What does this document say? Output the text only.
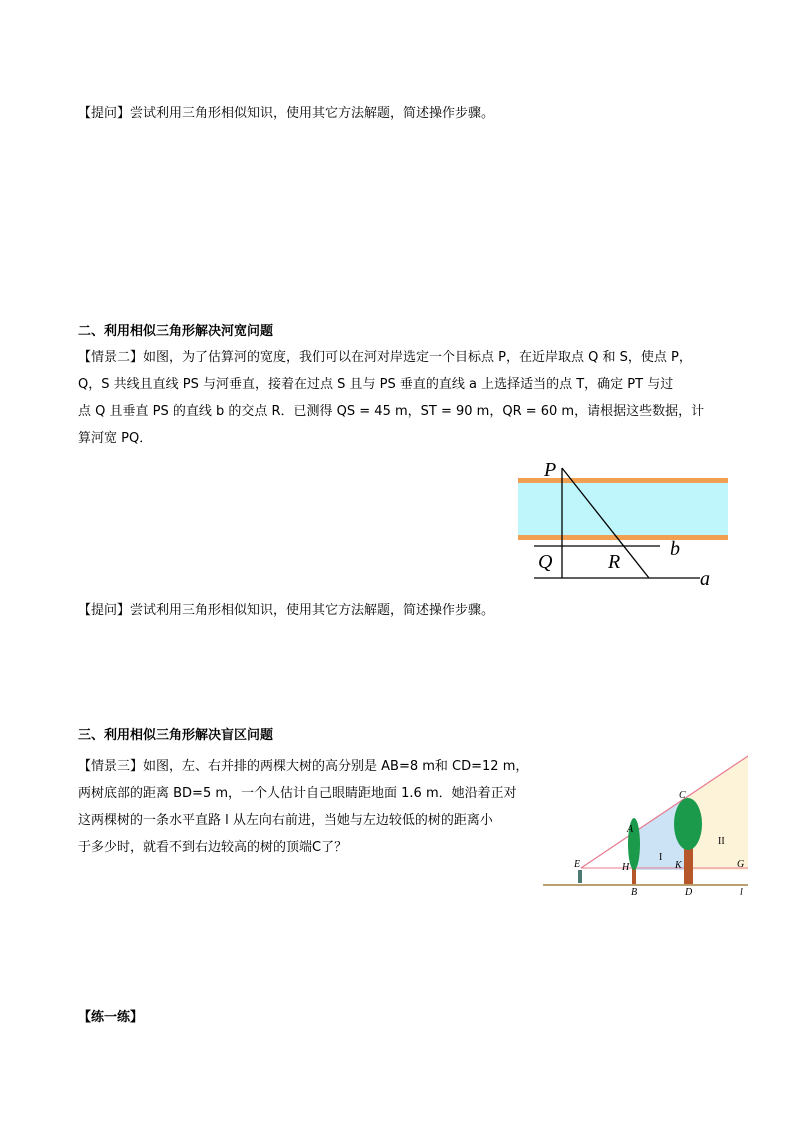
【提问】尝试利用三角形相似知识，使用其它方法解题，简述操作步骤。
二、利用相似三角形解决河宽问题
【情景二】如图，为了估算河的宽度，我们可以在河对岸选定一个目标点 P，在近岸取点 Q 和 S，使点 P，
Q，S 共线且直线 PS 与河垂直，接着在过点 S 且与 PS 垂直的直线 a 上选择适当的点 T，确定 PT 与过
点 Q 且垂直 PS 的直线 b 的交点 R．已测得 QS = 45 m，ST = 90 m，QR = 60 m，请根据这些数据，计
算河宽 PQ．
P
Q	R
b
a
【提问】尝试利用三角形相似知识，使用其它方法解题，简述操作步骤。
三、利用相似三角形解决盲区问题
【情景三】如图，左、右并排的两棵大树的高分别是 AB=8 m和 CD=12 m，
两树底部的距离 BD=5 m，一个人估计自己眼睛距地面 1.6 m．她沿着正对
这两棵树的一条水平直路 l 从左向右前进，当她与左边较低的树的距离小
于多少时，就看不到右边较高的树的顶端C了？
A
B
C
D
E	H	K	G
l
I
II
【练一练】
